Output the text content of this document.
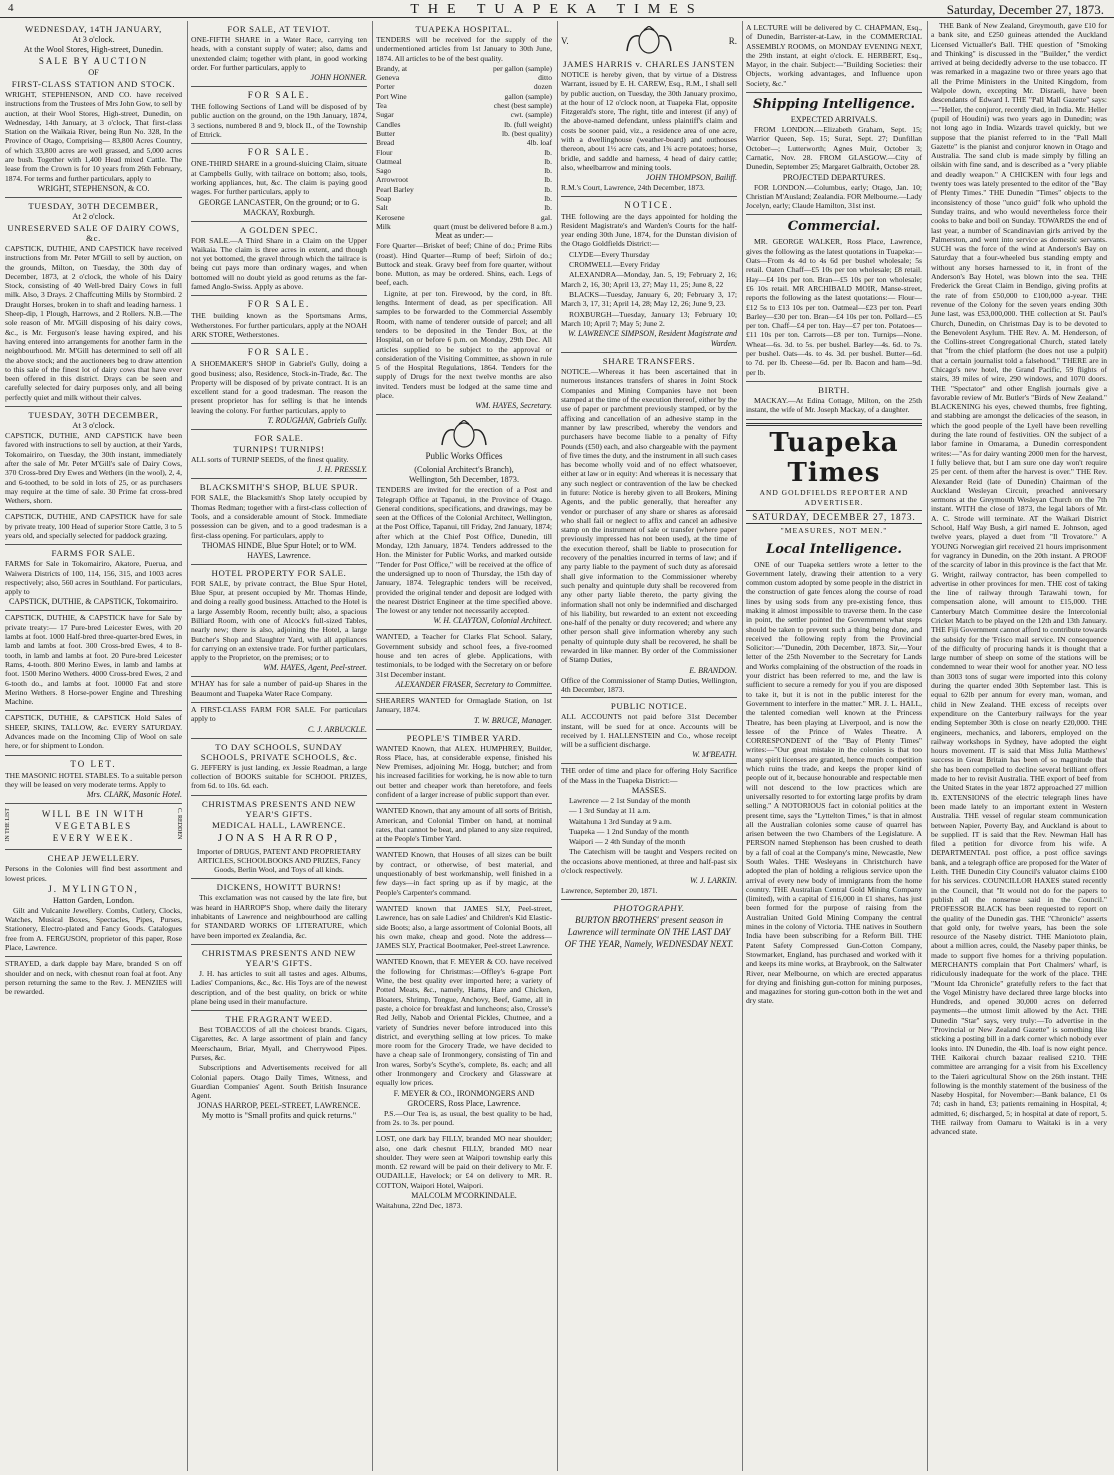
4	THE TUAPEKA TIMES	Saturday, December 27, 1873.
WEDNESDAY, 14TH JANUARY,
At 3 o'clock.
At the Wool Stores, High-street, Dunedin.
SALE BY AUCTION
OF
FIRST-CLASS STATION AND STOCK.

WRIGHT, STEPHENSON, AND CO. have received instructions from the Trustees of Mrs John Gow, to sell by auction, at their Wool Stores, High-street, Dunedin, on Wednesday, 14th January, at 3 o'clock, That first-class Station on the Waikaia River, being Run No. 328, In the Province of Otago, Comprising— 83,800 Acres Country, of which 33,800 acres are well grassed, and 5,000 acres are bush. Together with 1,400 Head mixed Cattle. The lease from the Crown is for 10 years from 26th February, 1874. For terms and further particulars, apply to

WRIGHT, STEPHENSON, & CO.
TUESDAY, 30TH DECEMBER,
At 2 o'clock.
UNRESERVED SALE OF DAIRY COWS, &c.

CAPSTICK, DUTHIE, AND CAPSTICK have received instructions from Mr. Peter M'Gill to sell by auction, on the grounds, Milton, on Tuesday, the 30th day of December, 1873, at 2 o'clock, the whole of his Dairy Stock, consisting of 40 Well-bred Dairy Cows in full milk. Also, 3 Drays. 2 Chaffcutting Mills by Stormbird. 2 Draught Horses, broken in to shaft and leading harness. 1 Sheep-dip, 1 Plough, Harrows, and 2 Rollers. N.B.—The sole reason of Mr. M'Gill disposing of his dairy cows, &c., is Mr. Ferguson's lease having expired, and his having entered into arrangements for another farm in the neighbourhood. Mr. M'Gill has determined to sell off all the above stock; and the auctioneers beg to draw attention to this sale of the finest lot of dairy cows that have ever been offered in this district. Drays can be seen and carefully selected for dairy purposes only, and all being perfectly quiet and milk without their calves.

TUESDAY, 30TH DECEMBER,
At 3 o'clock.

CAPSTICK, DUTHIE, AND CAPSTICK have been favored with instructions to sell by auction, at their Yards, Tokomairiro, on Tuesday, the 30th instant, immediately after the sale of Mr. Peter M'Gill's sale of Dairy Cows, 370 Cross-bred Dry Ewes and Wethers (in the wool), 2, 4, and 6-toothed, to be sold in lots of 25, or as purchasers may require at the time of sale. 30 Prime fat cross-bred Wethers, shorn.

CAPSTICK, DUTHIE, AND CAPSTICK have for sale by private treaty, 100 Head of superior Store Cattle, 3 to 5 years old, and specially selected for paddock grazing.

FARMS FOR SALE.

FARMS for Sale in Tokomairiro, Akatore, Puerua, and Waiwera Districts of 100, 114, 156, 315, and 1003 acres respectively; also, 560 acres in Southland. For particulars, apply to

CAPSTICK, DUTHIE, & CAPSTICK, Tokomairiro.

CAPSTICK, DUTHIE, & CAPSTICK have for Sale by private treaty:— 17 Pure-bred Leicester Ewes, with 20 lambs at foot. 1000 Half-bred three-quarter-bred Ewes, in lamb and lambs at foot. 300 Cross-bred Ewes, 4 to 8-tooth, in lamb and lambs at foot. 20 Pure-bred Leicester Rams, 4-tooth. 800 Merino Ewes, in lamb and lambs at foot. 1500 Merino Wethers. 4000 Cross-bred Ewes, 2 and 6-tooth do., and lambs at foot. 10000 Fat and store Merino Wethers. 8 Horse-power Engine and Threshing Machine.

CAPSTICK, DUTHIE, & CAPSTICK Hold Sales of SHEEP, SKINS, TALLOW, &c. EVERY SATURDAY. Advances made on the Incoming Clip of Wool on sale here, or for shipment to London.

TO LET.

THE MASONIC HOTEL STABLES. To a suitable person they will be leased on very moderate terms. Apply to

Mrs. CLARK, Masonic Hotel.
IN THE LIST	C. REDDEN
WILL BE IN WITH
VEGETABLES
EVERY WEEK.
CHEAP JEWELLERY.

Persons in the Colonies will find best assortment and lowest prices.

J. MYLINGTON,
Hatton Garden, London.

Gilt and Vulcanite Jewellery. Combs, Cutlery, Clocks, Watches, Musical Boxes, Spectacles, Pipes, Purses, Stationery, Electro-plated and Fancy Goods. Catalogues free from A. FERGUSON, proprietor of this paper, Rose Place, Lawrence.

STRAYED, a dark dapple bay Mare, branded S on off shoulder and on neck, with chesnut roan foal at foot. Any person returning the same to the Rev. J. MENZIES will be rewarded.

FOR SALE, AT TEVIOT.

ONE-FIFTH SHARE in a Water Race, carrying ten heads, with a constant supply of water; also, dams and unextended claim; together with plant, in good working order. For further particulars, apply to

JOHN HONNER.
FOR SALE.

THE following Sections of Land will be disposed of by public auction on the ground, on the 19th January, 1874, 3 sections, numbered 8 and 9, block II., of the Township of Ettrick.

FOR SALE.

ONE-THIRD SHARE in a ground-sluicing Claim, situate at Campbells Gully, with tailrace on bottom; also, tools, working appliances, hut, &c. The claim is paying good wages. For further particulars, apply to

GEORGE LANCASTER, On the ground; or to G. MACKAY, Roxburgh.
A GOLDEN SPEC.

FOR SALE.—A Third Share in a Claim on the Upper Waikaia. The claim is three acres in extent, and though not yet bottomed, the gravel through which the tailrace is being cut pays more than ordinary wages, and when bottomed will no doubt yield as good returns as the far-famed Anglo-Swiss. Apply as above.

FOR SALE.

THE building known as the Sportsmans Arms, Wetherstones. For further particulars, apply at the NOAH ARK STORE, Wetherstones.

FOR SALE.

A SHOEMAKER'S SHOP in Gabriel's Gully, doing a good business; also, Residence, Stock-in-Trade, &c. The Property will be disposed of by private contract. It is an excellent stand for a good tradesman. The reason the present proprietor has for selling is that he intends leaving the colony. For further particulars, apply to

T. ROUGHAN, Gabriels Gully.
FOR SALE.
TURNIPS! TURNIPS!

ALL sorts of TURNIP SEEDS, of the finest quality.

J. H. PRESSLY.
BLACKSMITH'S SHOP, BLUE SPUR.

FOR SALE, the Blacksmith's Shop lately occupied by Thomas Redman; together with a first-class collection of Tools, and a considerable amount of Stock. Immediate possession can be given, and to a good tradesman is a first-class opening. For particulars, apply to

THOMAS HINDE, Blue Spur Hotel; or to WM. HAYES, Lawrence.
HOTEL PROPERTY FOR SALE.

FOR SALE, by private contract, the Blue Spur Hotel, Blue Spur, at present occupied by Mr. Thomas Hinde, and doing a really good business. Attached to the Hotel is a large Assembly Room, recently built; also, a spacious Billiard Room, with one of Alcock's full-sized Tables, nearly new; there is also, adjoining the Hotel, a large Butcher's Shop and Slaughter Yard, with all appliances for carrying on an extensive trade. For further particulars, apply to the Proprietor, on the premises; or to

WM. HAYES, Agent, Peel-street.

M'HAY has for sale a number of paid-up Shares in the Beaumont and Tuapeka Water Race Company.

A FIRST-CLASS FARM FOR SALE. For particulars apply to

C. J. ARBUCKLE.
TO DAY SCHOOLS, SUNDAY SCHOOLS, PRIVATE SCHOOLS, &c.

G. JEFFERY is just landing, ex Jessie Readman, a large collection of BOOKS suitable for SCHOOL PRIZES, from 6d. to 10s. 6d. each.

CHRISTMAS PRESENTS AND NEW YEAR'S GIFTS.
MEDICAL HALL, LAWRENCE.
JONAS HARROP,

Importer of DRUGS, PATENT AND PROPRIETARY ARTICLES, SCHOOLBOOKS AND PRIZES, Fancy Goods, Berlin Wool, and Toys of all kinds.

DICKENS, HOWITT BURNS!

This exclamation was not caused by the late fire, but was heard in HARROP'S Shop, where daily the literary inhabitants of Lawrence and neighbourhood are calling for STANDARD WORKS OF LITERATURE, which have been imported ex Zealandia, &c.

CHRISTMAS PRESENTS AND NEW YEAR'S GIFTS.

J. H. has articles to suit all tastes and ages. Albums, Ladies' Companions, &c., &c. His Toys are of the newest description, and of the best quality, on brick or white plane being used in their manufacture.

THE FRAGRANT WEED.

Best TOBACCOS of all the choicest brands. Cigars, Cigarettes, &c. A large assortment of plain and fancy Meerschaum, Briar, Myall, and Cherrywood Pipes. Purses, &c.

Subscriptions and Advertisements received for all Colonial papers. Otago Daily Times, Witness, and Guardian Companies' Agent. South British Insurance Agent.

JONAS HARROP, PEEL-STREET, LAWRENCE.
My motto is "Small profits and quick returns."
TUAPEKA HOSPITAL.

TENDERS will be received for the supply of the undermentioned articles from 1st January to 30th June, 1874. All articles to be of the best quality.

Brandy, at	per gallon (sample)
Geneva	ditto
Porter	dozen
Port Wine	gallon (sample)
Tea	chest (best sample)
Sugar	cwt. (sample)
Candles	lb. (full weight)
Butter	lb. (best quality)
Bread	4lb. loaf
Flour	lb.
Oatmeal	lb.
Sago	lb.
Arrowroot	lb.
Pearl Barley	lb.
Soap	lb.
Salt	lb.
Kerosene	gal.
Milk	quart (must be delivered before 8 a.m.)
Meat as under:—

Fore Quarter—Brisket of beef; Chine of do.; Prime Ribs (roast). Hind Quarter—Rump of beef; Sirloin of do.; Buttock and steak. Gravy beef from fore quarter, without bone. Mutton, as may be ordered. Shins, each. Legs of beef, each.

Lignite, at per ton. Firewood, by the cord, in 8ft. lengths. Interment of dead, as per specification. All samples to be forwarded to the Commercial Assembly Room, with name of tenderer outside of parcel; and all tenders to be deposited in the Tender Box, at the Hospital, on or before 6 p.m. on Monday, 29th Dec. All articles supplied to be subject to the approval or consideration of the Visiting Committee, as shown in rule 5 of the Hospital Regulations, 1864. Tenders for the supply of Drugs for the next twelve months are also invited. Tenders must be lodged at the same time and place.

WM. HAYES, Secretary.
Public Works Offices
(Colonial Architect's Branch),
Wellington, 5th December, 1873.

TENDERS are invited for the erection of a Post and Telegraph Office at Tapanui, in the Province of Otago. General conditions, specifications, and drawings, may be seen at the Offices of the Colonial Architect, Wellington, at the Post Office, Tapanui, till Friday, 2nd January, 1874; after which at the Chief Post Office, Dunedin, till Monday, 12th January, 1874. Tenders addressed to the Hon. the Minister for Public Works, and marked outside "Tender for Post Office," will be received at the office of the undersigned up to noon of Thursday, the 15th day of January, 1874. Telegraphic tenders will be received, provided the original tender and deposit are lodged with the nearest District Engineer at the time specified above. The lowest or any tender not necessarily accepted.

W. H. CLAYTON, Colonial Architect.

WANTED, a Teacher for Clarks Flat School. Salary, Government subsidy and school fees, a five-roomed house and ten acres of glebe. Applications, with testimonials, to be lodged with the Secretary on or before 31st December instant.

ALEXANDER FRASER, Secretary to Committee.

SHEARERS WANTED for Ormaglade Station, on 1st January, 1874.

T. W. BRUCE, Manager.
PEOPLE'S TIMBER YARD.

WANTED Known, that ALEX. HUMPHREY, Builder, Ross Place, has, at considerable expense, finished his New Premises, adjoining Mr. Hogg, butcher; and from his increased facilities for working, he is now able to turn out better and cheaper work than heretofore, and feels confident of a larger increase of public support than ever.

WANTED Known, that any amount of all sorts of British, American, and Colonial Timber on hand, at nominal rates, that cannot be beat, and planed to any size required, at the People's Timber Yard.

WANTED Known, that Houses of all sizes can be built by contract, or otherwise, of best material, and unquestionably of best workmanship, well finished in a few days—in fact spring up as if by magic, at the People's Carpenter's command.

WANTED known that JAMES SLY, Peel-street, Lawrence, has on sale Ladies' and Children's Kid Elastic-side Boots; also, a large assortment of Colonial Boots, all his own make, cheap and good. Note the address—JAMES SLY, Practical Bootmaker, Peel-street Lawrence.

WANTED Known, that F. MEYER & CO. have received the following for Christmas:—Offley's 6-grape Port Wine, the best quality ever imported here; a variety of Potted Meats, &c., namely, Hams, Hare and Chicken, Bloaters, Shrimp, Tongue, Anchovy, Beef, Game, all in paste, a choice for breakfast and luncheons; also, Crosse's Red Jelly, Nabob and Oriental Pickles, Chutnee, and a variety of Sundries never before introduced into this district, and everything selling at low prices. To make more room for the Grocery Trade, we have decided to have a cheap sale of Ironmongery, consisting of Tin and Iron wares, Sorby's Scythe's, complete, 8s. each; and all other Ironmongery and Crockery and Glassware at equally low prices.

F. MEYER & CO., IRONMONGERS AND GROCERS, Ross Place, Lawrence.

P.S.—Our Tea is, as usual, the best quality to be had, from 2s. to 3s. per pound.

LOST, one dark bay FILLY, branded MO near shoulder; also, one dark chesnut FILLY, branded MO near shoulder. They were seen at Waipori township early this month. £2 reward will be paid on their delivery to Mr. F. OUDAILLE, Havelock; or £4 on delivery to MR. R. COTTON, Waipori Hotel, Waipori.

MALCOLM M'CORKINDALE.
Waitahuna, 22nd Dec, 1873.
V.	R.
JAMES HARRIS v. CHARLES JANSTEN

NOTICE is hereby given, that by virtue of a Distress Warrant, issued by E. H. CAREW, Esq., R.M., I shall sell by public auction, on Tuesday, the 30th January proximo, at the hour of 12 o'clock noon, at Tuapeka Flat, opposite Fitzgerald's store, The right, title and interest (if any) of the above-named defendant, unless plaintiff's claim and costs be sooner paid, viz., a residence area of one acre, with a dwellinghouse (weather-board) and outhouses thereon, about 1½ acre cats, and 1¾ acre potatoes; horse, bridle, and saddle and harness, 4 head of dairy cattle; also, wheelbarrow and mining tools.

JOHN THOMPSON, Bailiff.
R.M.'s Court, Lawrence, 24th December, 1873.
NOTICE.

THE following are the days appointed for holding the Resident Magistrate's and Warden's Courts for the half-year ending 30th June, 1874, for the Dunstan division of the Otago Goldfields District:—

CLYDE—Every Thursday

CROMWELL—Every Friday

ALEXANDRA—Monday, Jan. 5, 19; February 2, 16; March 2, 16, 30; April 13, 27; May 11, 25; June 8, 22

BLACKS—Tuesday, January 6, 20; February 3, 17; March 3, 17, 31; April 14, 28; May 12, 26; June 9, 23.

ROXBURGH—Tuesday, January 13; February 10; March 10; April 7; May 5; June 2.

W. LAWRENCE SIMPSON, Resident Magistrate and Warden.
SHARE TRANSFERS.

NOTICE.—Whereas it has been ascertained that in numerous instances transfers of shares in Joint Stock Companies and Mining Companies have not been stamped at the time of the execution thereof, either by the use of paper or parchment previously stamped, or by the affixing and cancellation of an adhesive stamp in the manner by law prescribed, whereby the vendors and purchasers have become liable to a penalty of Fifty Pounds (£50) each, and also chargeable with the payment of five times the duty, and the instrument in all such cases has become wholly void and of no effect whatsoever, either at law or in equity: And whereas it is necessary that any such neglect or contravention of the law be checked in future: Notice is hereby given to all Brokers, Mining Agents, and the public generally, that hereafter any vendor or purchaser of any share or shares as aforesaid who shall fail or neglect to affix and cancel an adhesive stamp on the instrument of sale or transfer (where paper previously impressed has not been used), at the time of the execution thereof, shall be liable to prosecution for recovery of the penalties incurred in terms of law; and if any party liable to the payment of such duty as aforesaid shall give information to the Commissioner whereby such penalty and quintuple duty shall be recovered from any other party liable thereto, the party giving the information shall not only be indemnified and discharged of his liability, but rewarded to an extent not exceeding one-half of the penalty or duty recovered; and where any other person shall give information whereby any such penalty of quintuple duty shall be recovered, he shall be rewarded in like manner. By order of the Commissioner of Stamp Duties,

E. BRANDON.
Office of the Commissioner of Stamp Duties, Wellington, 4th December, 1873.
PUBLIC NOTICE.

ALL ACCOUNTS not paid before 31st December instant, will be sued for at once. Accounts will be received by I. HALLENSTEIN and Co., whose receipt will be a sufficient discharge.

W. M'BEATH.

THE order of time and place for offering Holy Sacrifice of the Mass in the Tuapeka District:—

MASSES.

Lawrence — 2 1st Sunday of the month

— 1 3rd Sunday at 11 a.m.

Waitahuna 1 3rd Sunday at 9 a.m.

Tuapeka — 1 2nd Sunday of the month

Waipori — 2 4th Sunday of the month

The Catechism will be taught and Vespers recited on the occasions above mentioned, at three and half-past six o'clock respectively.

W. J. LARKIN.
Lawrence, September 20, 1871.
PHOTOGRAPHY.

BURTON BROTHERS' present season in Lawrence will terminate ON THE LAST DAY OF THE YEAR, Namely, WEDNESDAY NEXT.

A LECTURE will be delivered by C. CHAPMAN, Esq., of Dunedin, Barrister-at-Law, in the COMMERCIAL ASSEMBLY ROOMS, on MONDAY EVENING NEXT, the 29th instant, at eight o'clock. E. HERBERT, Esq., Mayor, in the chair. Subject:—"Building Societies: their Objects, working advantages, and Influence upon Society, &c."

Shipping Intelligence.
EXPECTED ARRIVALS.

FROM LONDON.—Elizabeth Graham, Sept. 15; Warrior Queen, Sep. 15; Surat, Sept. 27; Dunfillan October—; Lutterworth; Agnes Muir, October 3; Carnatic, Nov. 28. FROM GLASGOW.—City of Dunedin, September 25; Margaret Galbraith, October 28.

PROJECTED DEPARTURES.

FOR LONDON.—Columbus, early; Otago, Jan. 10; Christian M'Ausland; Zealandia. FOR Melbourne.—Lady Jocelyn, early; Claude Hamilton, 31st inst.

Commercial.

MR. GEORGE WALKER, Ross Place, Lawrence, gives the following as the latest quotations in Tuapeka:— Oats—From 4s 4d to 4s 6d per bushel wholesale; 5s retail. Oaten Chaff—£5 10s per ton wholesale; £8 retail. Hay—£4 10s per ton. Bran—£5 10s per ton wholesale; £6 10s retail. MR ARCHIBALD MOIR, Manse-street, reports the following as the latest quotations:— Flour—£12 5s to £13 10s per ton. Oatmeal—£23 per ton. Pearl Barley—£30 per ton. Bran—£4 10s per ton. Pollard—£5 per ton. Chaff—£4 per ton. Hay—£7 per ton. Potatoes—£11 10s per ton. Carrots—£8 per ton. Turnips—None. Wheat—6s. 3d. to 5s. per bushel. Barley—4s. 6d. to 7s. per bushel. Oats—4s. to 4s. 3d. per bushel. Butter—6d. to 7d. per lb. Cheese—6d. per lb. Bacon and ham—9d. per lb.

BIRTH.

MACKAY.—At Edina Cottage, Milton, on the 25th instant, the wife of Mr. Joseph Mackay, of a daughter.

Tuapeka Times
AND GOLDFIELDS REPORTER AND ADVERTISER.
SATURDAY, DECEMBER 27, 1873.
"MEASURES, NOT MEN."
Local Intelligence.

ONE of our Tuapeka settlers wrote a letter to the Government lately, drawing their attention to a very common custom adopted by some people in the district in the construction of gate fences along the course of road lines by using sods from any pre-existing fence, thus making it almost impossible to traverse them. In the case in point, the settler pointed the Government what steps should be taken to prevent such a thing being done, and received the following reply from the Provincial Solicitor:—"Dunedin, 20th December, 1873. Sir,—Your letter of the 25th November to the Secretary for Lands and Works complaining of the obstruction of the roads in your district has been referred to me, and the law is sufficient to secure a remedy for you if you are disposed to take it, but it is not in the public interest for the Government to interfere in the matter." MR. J. L. HALL, the talented comedian well known at the Princess Theatre, has been playing at Liverpool, and is now the lessee of the Prince of Wales Theatre. A CORRESPONDENT of the "Bay of Plenty Times" writes:—"Our great mistake in the colonies is that too many spirit licenses are granted, hence much competition which ruins the trade, and keeps the proper kind of people out of it, because honourable and respectable men will not descend to the low practices which are universally resorted to for extorting large profits by dram selling." A NOTORIOUS fact in colonial politics at the present time, says the "Lyttelton Times," is that in almost all the Australian colonies some cause of quarrel has arisen between the two Chambers of the Legislature. A PERSON named Stephenson has been crushed to death by a fall of coal at the Company's mine, Newcastle, New South Wales. THE Wesleyans in Christchurch have adopted the plan of holding a religious service upon the arrival of every new body of immigrants from the home country. THE Australian Central Gold Mining Company (limited), with a capital of £16,000 in £1 shares, has just been formed for the purpose of raising from the Australian United Gold Mining Company the central mines in the colony of Victoria. THE natives in Southern India have been subscribing for a Reform Bill. THE Patent Safety Compressed Gun-Cotton Company, Stowmarket, England, has purchased and worked with it and keeps its mine works, at Braybrook, on the Saltwater River, near Melbourne, on which are erected apparatus for drying and finishing gun-cotton for mining purposes, and magazines for storing gun-cotton both in the wet and dry state.

THE Bank of New Zealand, Greymouth, gave £10 for a bank site, and £250 guineas attended the Auckland Licensed Victualler's Ball. THE question of "Smoking and Thinking" is discussed in the "Builder," the verdict arrived at being decidedly adverse to the use tobacco. IT was remarked in a magazine two or three years ago that all the Prime Ministers in the United Kingdom, from Walpole down, excepting Mr. Disraeli, have been descendants of Edward I. THE "Pall Mall Gazette" says:—"Heller, the conjuror, recently died, in India. Mr. Heller (pupil of Houdini) was two years ago in Dunedin; was not long ago in India. Wizards travel quickly, but we suppose that the pianist referred to in the "Pall Mall Gazette" is the pianist and conjuror known in Otago and Australia. The sand club is made simply by filling an oilskin with fine sand, and is described as a "very pliable and deadly weapon." A CHICKEN with four legs and twenty toes was lately presented to the editor of the "Bay of Plenty Times." THE Dunedin "Times" objects to the inconsistency of those "unco guid" folk who uphold the Sunday trains, and who would nevertheless force their cooks to bake and boil on Sunday. TOWARDS the end of last year, a number of Scandinavian girls arrived by the Palmerston, and went into service as domestic servants. SUCH was the force of the wind at Anderson's Bay on Saturday that a four-wheeled bus standing empty and without any horses harnessed to it, in front of the Anderson's Bay Hotel, was blown into the sea. THE Frederick the Great Claim in Bendigo, giving profits at the rate of from £50,000 to £100,000 a-year. THE revenue of the Colony for the seven years ending 30th June last, was £53,000,000. THE collection at St. Paul's Church, Dunedin, on Christmas Day is to be devoted to the Benevolent Asylum. THE Rev. A. M. Henderson, of the Collins-street Congregational Church, stated lately that "from the chief platform (he does not use a pulpit) that a certain journalist told a falsehood." THERE are in Chicago's new hotel, the Grand Pacific, 59 flights of stairs, 39 miles of wire, 290 windows, and 1070 doors. THE "Spectator" and other English journals give a favorable review of Mr. Butler's "Birds of New Zealand." BLACKENING his eyes, chewed thumbs, free fighting, and stabbing are amongst the delicacies of the season, in which the good people of the Lyell have been revelling during the late round of festivities. ON the subject of a labor famine in Omarama, a Dunedin correspondent writes:—"As for dairy wanting 2000 men for the harvest, I fully believe that, but I am sure one day won't require 25 per cent. of them after the harvest is over." THE Rev. Alexander Reid (late of Dunedin) Chairman of the Auckland Wesleyan Circuit, preached anniversary sermons at the Greymouth Wesleyan Church on the 7th instant. WITH the close of 1873, the legal labors of Mr. A. C. Strode will terminate. AT the Waikari District School, Half Way Bush, a girl named E. Johnson, aged twelve years, played a duet from "Il Trovatore." A YOUNG Norwegian girl received 21 hours imprisonment for vagrancy in Dunedin, on the 20th instant. A PROOF of the scarcity of labor in this province is the fact that Mr. G. Wright, railway contractor, has been compelled to advertise in other provinces for men. THE cost of taking the line of railway through Tarawahi town, for compensation alone, will amount to £15,000. THE Canterbury Match Committee desire the Intercolonial Cricket Match to be played on the 12th and 13th January. THE Fiji Government cannot afford to contribute towards the subsidy for the 'Frisco mail service. IN consequence of the difficulty of procuring hands it is thought that a large number of sheep on some of the stations will be condemned to wear their wool for another year. NO less than 3003 tons of sugar were imported into this colony during the quarter ended 30th September last. This is equal to 62lb per annum for every man, woman, and child in New Zealand. THE excess of receipts over expenditure on the Canterbury railways for the year ending September 30th is close on nearly £20,000. THE engineers, mechanics, and laborers, employed on the railway workshops in Sydney, have adopted the eight hours movement. IT is said that Miss Julia Matthews' success in Great Britain has been of so magnitude that she has been compelled to decline several brilliant offers made to her to revisit Australia. THE export of beef from the United States in the year 1872 approached 27 million lb. EXTENSIONS of the electric telegraph lines have been made lately to an important extent in Western Australia. THE vessel of regular steam communication between Napier, Poverty Bay, and Auckland is about to be supplied. IT is said that the Rev. Newman Hall has filed a petition for divorce from his wife. A DEPARTMENTAL post office, a post office savings bank, and a telegraph office are proposed for the Water of Leith. THE Dunedin City Council's valuator claims £100 for his services. COUNCILLOR HAXES stated recently in the Council, that "It would not do for the papers to publish all the nonsense said in the Council." PROFESSOR BLACK has been requested to report on the quality of the Dunedin gas. THE "Chronicle" asserts that gold only, for twelve years, has been the sole resource of the Naseby district. THE Maniototo plain, about a million acres, could, the Naseby paper thinks, be made to support five homes for a thriving population. MERCHANTS complain that Port Chalmers' wharf, is ridiculously inadequate for the work of the place. THE "Mount Ida Chronicle" gratefully refers to the fact that the Vogel Ministry have declared three large blocks into Hundreds, and opened 30,000 acres on deferred payments—the utmost limit allowed by the Act. THE Dunedin "Star" says, very truly:—To advertise in the "Provincial or New Zealand Gazette" is something like sticking a posting bill in a dark corner which nobody ever looks into. IN Dunedin, the 4lb. loaf is now eight pence. THE Kaikorai church bazaar realised £210. THE committee are arranging for a visit from his Excellency to the Taieri agricultural Show on the 26th instant. THE following is the monthly statement of the business of the Naseby Hospital, for November:—Bank balance, £1 0s 7d; cash in hand, £3; patients remaining in Hospital, 4; admitted, 6; discharged, 5; in hospital at date of report, 5. THE railway from Oamaru to Waitaki is in a very advanced state.
